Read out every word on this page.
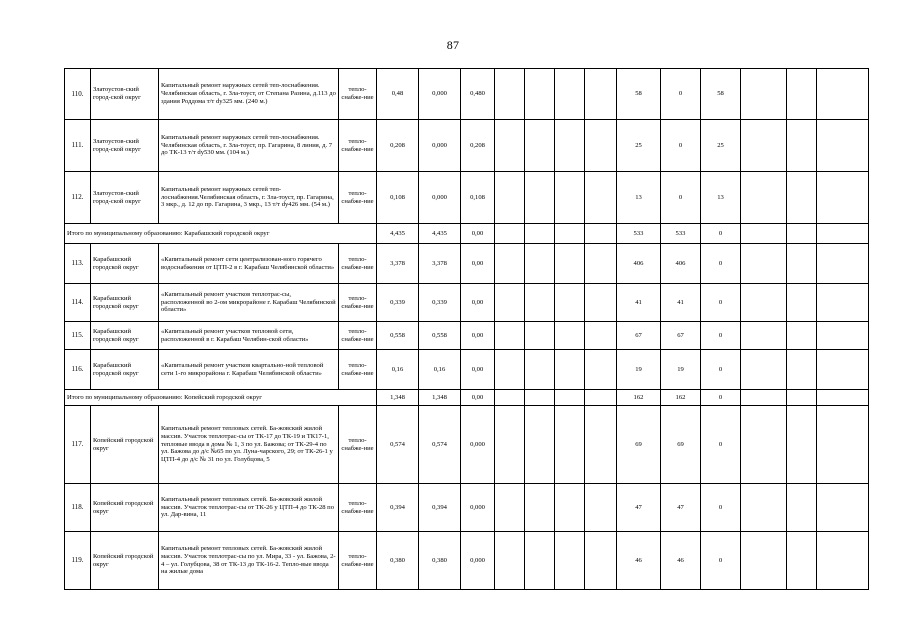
87
110.	Златоустов-ский город-ской округ	Капитальный ремонт наружных сетей теп-лоснабжения. Челябинская область, г. Зла-тоуст, от Степана Разина, д.113 до здания Роддома т/т dy325 мм. (240 м.)	тепло-снабже-ние	0,48	0,000	0,480					58	0	58			
111.	Златоустов-ский город-ской округ	Капитальный ремонт наружных сетей теп-лоснабжения. Челябинская область, г. Зла-тоуст, пр. Гагарина, 8 линия, д. 7 до ТК-13 т/т dy530 мм. (104 м.)	тепло-снабже-ние	0,208	0,000	0,208					25	0	25			
112.	Златоустов-ский город-ской округ	Капитальный ремонт наружных сетей теп-лоснабжения.Челябинская область, г. Зла-тоуст, пр. Гагарина, 3 мкр., д. 12 до пр. Гагарина, 3 мкр., 13 т/т dy426 мм. (54 м.)	тепло-снабже-ние	0,108	0,000	0,108					13	0	13			
Итого по муниципальному образованию: Карабашский городской округ				4,435	4,435	0,00					533	533	0			
113.	Карабашский городской округ	«Капитальный ремонт сети централизован-ного горячего водоснабжения от ЦТП-2 в г. Карабаш Челябинской области»	тепло-снабже-ние	3,378	3,378	0,00					406	406	0			
114.	Карабашский городской округ	«Капитальный ремонт участков теплотрас-сы, расположенной во 2-ом микрорайоне г. Карабаш Челябинской области»	тепло-снабже-ние	0,339	0,339	0,00					41	41	0			
115.	Карабашский городской округ	«Капитальный ремонт участков тепловой сети, расположенной в г. Карабаш Челябин-ской области»	тепло-снабже-ние	0,558	0,558	0,00					67	67	0			
116.	Карабашский городской округ	«Капитальный ремонт участков квартально-ной тепловой сети 1-го микрорайона г. Карабаш Челябинской области»	тепло-снабже-ние	0,16	0,16	0,00					19	19	0			
Итого по муниципальному образованию: Копейский городской округ				1,348	1,348	0,00					162	162	0			
117.	Копейский городской округ	Капитальный ремонт тепловых сетей. Ба-жовский жилой массив. Участок теплотрас-сы от ТК-17 до ТК-19 и ТК17-1, тепловые ввода в дома № 1, 3 по ул. Бажова; от ТК-29-4 по ул. Бажова до д/с №65 по ул. Луна-чарского, 29; от ТК-26-1 у ЦТП-4 до д/с № 31 по ул. Голубцова, 5	тепло-снабже-ние	0,574	0,574	0,000					69	69	0			
118.	Копейский городской округ	Капитальный ремонт тепловых сетей. Ба-жовский жилой массив. Участок теплотрас-сы от ТК-26 у ЦТП-4 до ТК-28 по ул. Дар-вина, 11	тепло-снабже-ние	0,394	0,394	0,000					47	47	0			
119.	Копейский городской округ	Капитальный ремонт тепловых сетей. Ба-жовский жилой массив. Участок теплотрас-сы по ул. Мира, 33 - ул. Бажова, 2-4 – ул. Голубцова, 38 от ТК-13 до ТК-16-2. Тепло-вые ввода на жилые дома	тепло-снабже-ние	0,380	0,380	0,000					46	46	0			
